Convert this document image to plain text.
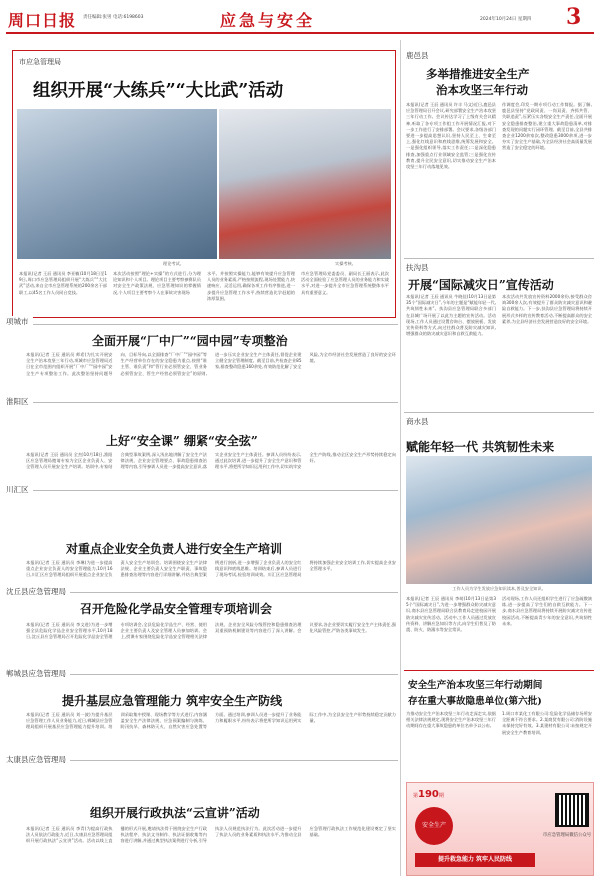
周口日报 责任编辑:张男 电话:6198603	应急与安全	2024年10月24日 星期四 3
市应急管理局
组织开展“大练兵”“大比武”活动
理论考试。	实操考核。
本报讯(记者 王辰 通讯员 李亚楠)10月18日至19日,周口市应急管理局组织开展“大练兵”“大比武”活动,来自全市应急管理系统的200余名干部职工,以45名工作人员同台竞技。
本次活动按照“理论+实操”的方式进行,分为理论知识和个人项目。理论项目主要考察参赛队员对安全生产政策法规、应急管理知识的掌握情况,个人项目主要考察个人在事故灾害现场
水平。并按照实操能力,能够有效提升应急管理人员的业务素质,严格按照流程,现场处置能力,快速响应、灵活运用,确保各项工作有序推进,进一步提升应急管理工作水平,持续营造比学赶超的浓厚氛围。
市应急管理局党委委员、副局长王丽表示,此次活动全面检验了应急管理人员的业务能力和实战水平,对进一步提升全市应急管理系统整体水平具有重要意义。
鹿邑县
多举措推进安全生产
治本攻坚三年行动
本报讯(记者 王辰 通讯员 许丰 马文)近日,鹿邑县应急管理局召开会议,研究部署安全生产治本攻坚三年行动工作。会议传达学习了上级有关会议精神,听取了各专项工作组工作开展情况汇报,对下一步工作进行了安排部署。会议要求,各级各部门要进一步提高思想认识,坚持人民至上、生命至上,强化红线意识和底线思维,统筹发展和安全。一是强化组织领导,落实工作责任;二是深化隐患排查,加强重点行业领域安全监管;三是强化宣传教育,提升全民安全意识,切实推动安全生产治本攻坚三年行动落地见效。
作调度会,印发一期专项行动工作简报。据了解,鹿邑县坚持“党政同责、一岗双责、齐抓共管、失职追责”,压紧压实各级安全生产责任,全面开展安全隐患排查整治,建立重大事故隐患清单,对排查发现的问题实行闭环管理。截至目前,全县共排查企业1200余家次,整改隐患3000余项,进一步夯实了安全生产基础,为全县经济社会高质量发展营造了安全稳定的环境。
扶沟县
开展“国际减灾日”宣传活动
本报讯(记者 王辰 通讯员 牛晓佳)10月13日是第35个“国际减灾日”,今年的主题是“赋能年轻一代,共筑韧性未来”。扶沟县应急管理局联合多部门在县城广场开展了以此为主题的宣传活动。活动现场,工作人员通过设置咨询台、摆放展板、发放宣传资料等方式,向过往群众普及防灾减灾知识,增强群众的防灾减灾意识和自救互救能力。
本次活动共发放宣传资料2000余份,接受群众咨询300余人次,有效提升了群众防灾减灾意识和避险自救能力。下一步,扶沟县应急管理局将持续开展形式多样的宣传教育活动,不断提高群众的安全素养,为全县经济社会发展营造良好的安全环境。
商水县
赋能年轻一代 共筑韧性未来
工作人员为学生发放应急知识读本,普及安全知识。
本报讯(记者 王辰 通讯员 李萌)10月13日是第35个“国际减灾日”,为进一步增强群众防灾减灾意识,商水县应急管理局联合县教育局走进校园开展防灾减灾宣传活动。活动中,工作人员通过发放宣传资料、讲解应急知识等方式,向学生们普及了防震、防火、防溺水等安全常识。
活动现场,工作人员还组织学生进行了应急疏散演练,进一步提高了学生们的自救互救能力。下一步,商水县应急管理局将持续开展防灾减灾宣传进校园活动,不断提高青少年的安全意识,共筑韧性未来。
安全生产治本攻坚三年行动期间
存在重大事故隐患单位(第六批)
为推动安全生产治本攻坚三年行动走深走实,依据相关法律法规规定,现将安全生产治本攻坚三年行动期间存在重大事故隐患的单位名单予以公布。
1.周口市某化工有限公司:危险化学品储存场所安全距离不符合要求。2.某商贸有限公司:消防设施未保持完好有效。3.某建材有限公司:未按规定开展安全生产教育培训。
第190期
安全生产
提升救急能力 筑牢人民防线
市应急管理局微信公众号
项城市
全面开展“厂中厂”“园中园”专项整治
本报讯(记者 王辰 通讯员 师希)为扎实开展安全生产治本攻坚三年行动,项城市应急管理局近日在全市范围内组织开展“厂中厂”“园中园”安全生产专项整治工作。此次整治坚持问题导向、目标导向,以全面排查“厂中厂”“园中园”等生产经营单位存在的安全隐患为重点,按照“谁主管、谁负责”和“管行业必须管安全、管业务必须管安全、管生产经营必须管安全”的原则,进一步压实企业安全生产主体责任,督促企业建立健全安全管理制度。截至目前,共检查企业85家,排查整改隐患160余处,有效防范化解了安全风险,为全市经济社会发展营造了良好的安全环境。
淮阳区
上好“安全课” 绷紧“安全弦”
本报讯(记者 王辰 通讯员 全杰)10月18日,淮阳区应急管理局邀请专家为全区企业负责人、安全管理人员开展安全生产培训。培训中,专家结合典型事故案例,深入浅出地讲解了安全生产法律法规、企业安全管理要点、事故隐患排查治理等内容,引导参训人员进一步提高安全意识,落实企业安全生产主体责任。参训人员纷纷表示,通过此次培训,进一步提升了安全生产意识和管理水平,将把所学知识运用到工作中,切实筑牢安全生产防线,推动全区安全生产形势持续稳定向好。
川汇区
对重点企业安全负责人进行安全生产培训
本报讯(记者 王辰 通讯员 李琳)为进一步提高重点企业安全负责人的安全管理能力,10月16日,川汇区应急管理局组织开展重点企业安全负责人安全生产培训会。培训围绕安全生产法律法规、企业主要负责人安全生产职责、事故隐患排查治理等内容进行详细讲解,并结合典型案例进行剖析,进一步增强了企业负责人的安全红线意识和底线思维。培训结束后,参训人员进行了现场考试,检验培训成效。川汇区应急管理局将持续加强企业安全培训工作,切实提高企业安全管理水平。
沈丘县应急管理局
召开危险化学品安全管理专项培训会
本报讯(记者 王辰 通讯员 李文进)为进一步增强全县危险化学品企业安全管理水平,10月18日,沈丘县应急管理局召开危险化学品安全管理专项培训会,全县危险化学品生产、经营、使用企业主要负责人及安全管理人员参加培训。会上,授课专家围绕危险化学品安全管理相关法律法规、企业安全风险分级管控和隐患排查治理双重预防机制建设等内容进行了深入讲解。会议要求,各企业要切实履行安全生产主体责任,强化风险管控,严防各类事故发生。
郸城县应急管理局
提升基层应急管理能力 筑牢安全生产防线
本报讯(记者 王辰 通讯员 刘一波)为提升基层应急管理工作人员业务能力,近日,郸城县应急管理局组织开展基层应急管理能力提升培训。培训采取集中授课、现场教学等方式进行,内容涵盖安全生产法律法规、应急预案编制与演练、防汛抗旱、森林防灭火、自然灾害应急处置等方面。通过培训,参训人员进一步提升了业务能力和履职水平,纷纷表示将把所学知识运用到实际工作中,为全县安全生产形势持续稳定贡献力量。
太康县应急管理局
组织开展行政执法“云宣讲”活动
本报讯(记者 王辰 通讯员 李青)为提高行政执法人员依法行政能力,近日,太康县应急管理局组织开展行政执法“云宣讲”活动。活动以线上直播的形式开展,邀请执法骨干围绕安全生产行政执法程序、执法文书制作、执法证据收集等内容进行讲解,并通过典型执法案例进行分析,引导执法人员规范执法行为。此次活动进一步提升了执法人员的业务素质和执法水平,为推动全县应急管理行政执法工作规范化建设奠定了坚实基础。
